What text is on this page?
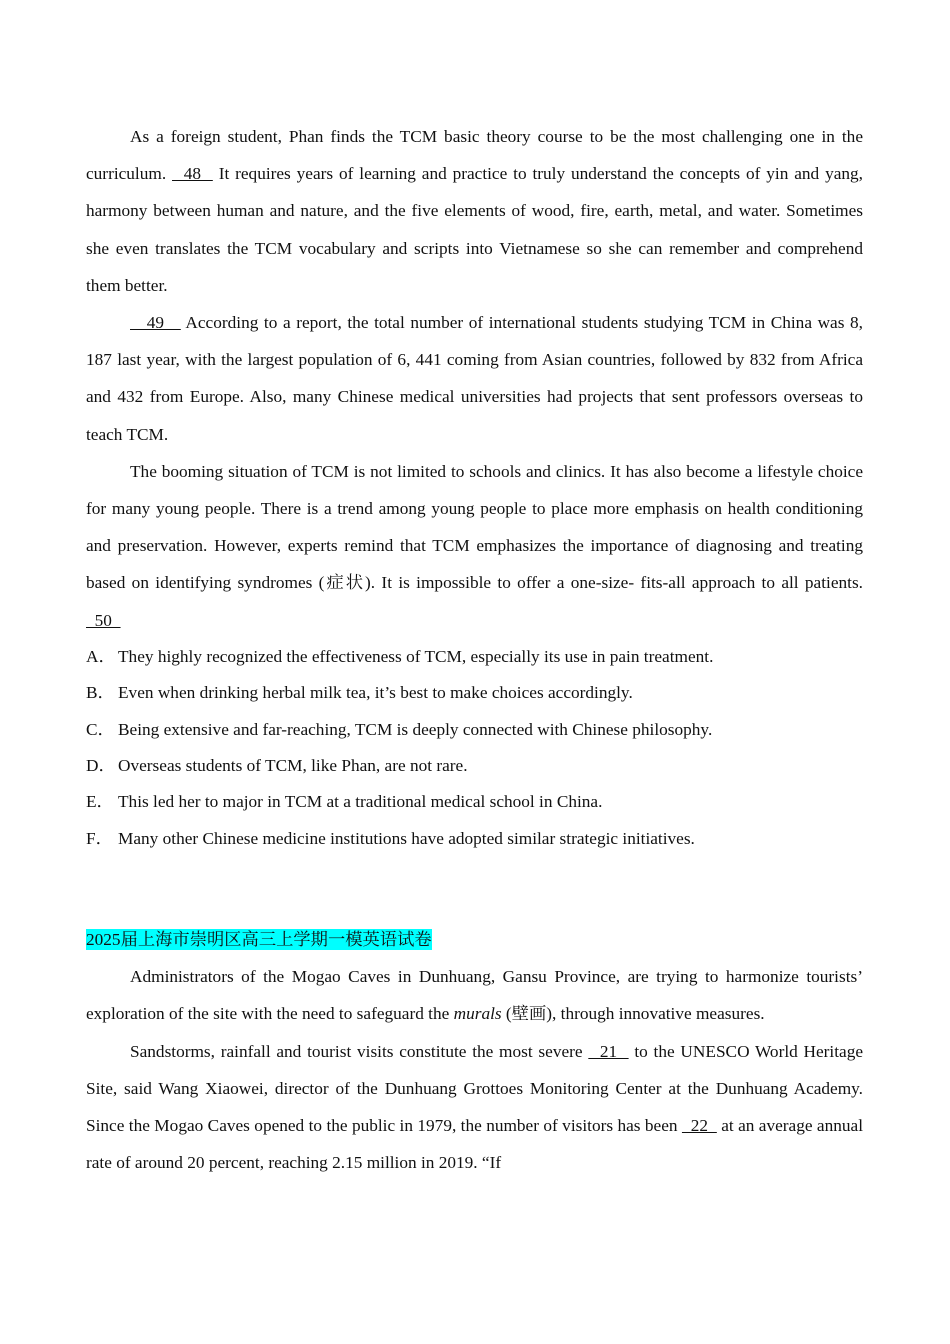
As a foreign student, Phan finds the TCM basic theory course to be the most challenging one in the curriculum.   48   It requires years of learning and practice to truly understand the concepts of yin and yang, harmony between human and nature, and the five elements of wood, fire, earth, metal, and water. Sometimes she even translates the TCM vocabulary and scripts into Vietnamese so she can remember and comprehend them better.

49    According to a report, the total number of international students studying TCM in China was 8, 187 last year, with the largest population of 6, 441 coming from Asian countries, followed by 832 from Africa and 432 from Europe. Also, many Chinese medical universities had projects that sent professors overseas to teach TCM.

The booming situation of TCM is not limited to schools and clinics. It has also become a lifestyle choice for many young people. There is a trend among young people to place more emphasis on health conditioning and preservation. However, experts remind that TCM emphasizes the importance of diagnosing and treating based on identifying syndromes (症状). It is impossible to offer a one-size- fits-all approach to all patients.   50

A． They highly recognized the effectiveness of TCM, especially its use in pain treatment.

B． Even when drinking herbal milk tea, it’s best to make choices accordingly.

C． Being extensive and far-reaching, TCM is deeply connected with Chinese philosophy.

D． Overseas students of TCM, like Phan, are not rare.

E． This led her to major in TCM at a traditional medical school in China.

F． Many other Chinese medicine institutions have adopted similar strategic initiatives.

2025届上海市崇明区高三上学期一模英语试卷

Administrators of the Mogao Caves in Dunhuang, Gansu Province, are trying to harmonize tourists’ exploration of the site with the need to safeguard the murals (壁画), through innovative measures.

Sandstorms, rainfall and tourist visits constitute the most severe   21   to the UNESCO World Heritage Site, said Wang Xiaowei, director of the Dunhuang Grottoes Monitoring Center at the Dunhuang Academy. Since the Mogao Caves opened to the public in 1979, the number of visitors has been   22   at an average annual rate of around 20 percent, reaching 2.15 million in 2019. “If
